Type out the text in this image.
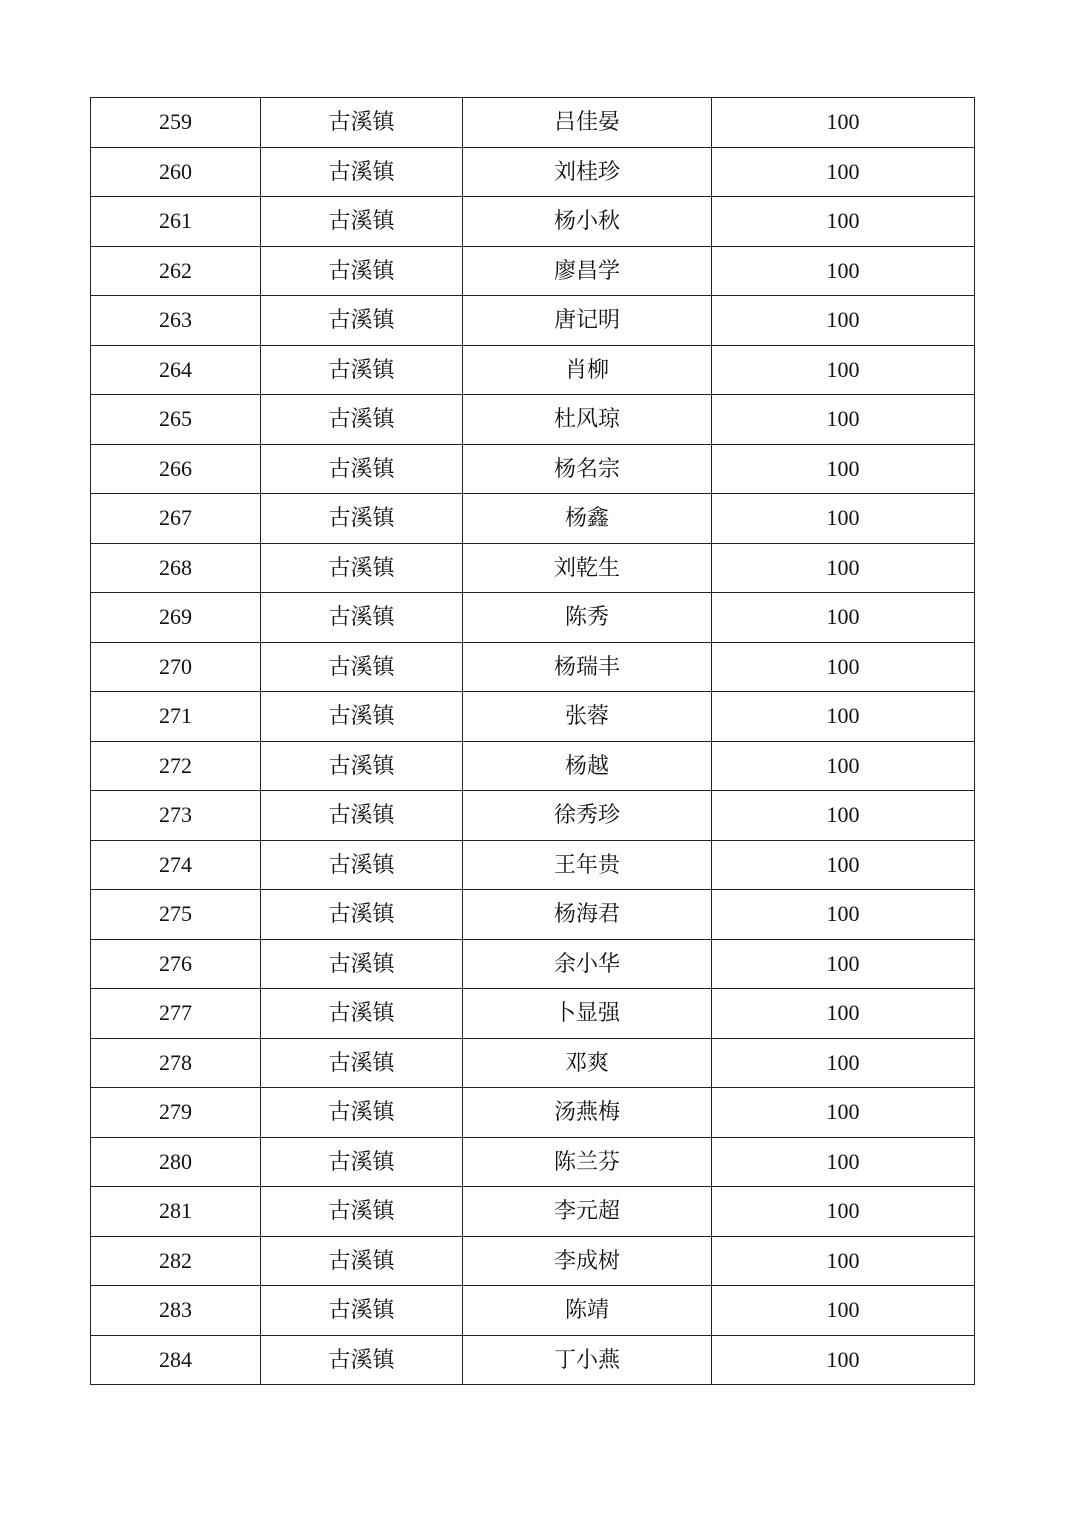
259	古溪镇	吕佳晏	100
260	古溪镇	刘桂珍	100
261	古溪镇	杨小秋	100
262	古溪镇	廖昌学	100
263	古溪镇	唐记明	100
264	古溪镇	肖柳	100
265	古溪镇	杜风琼	100
266	古溪镇	杨名宗	100
267	古溪镇	杨鑫	100
268	古溪镇	刘乾生	100
269	古溪镇	陈秀	100
270	古溪镇	杨瑞丰	100
271	古溪镇	张蓉	100
272	古溪镇	杨越	100
273	古溪镇	徐秀珍	100
274	古溪镇	王年贵	100
275	古溪镇	杨海君	100
276	古溪镇	余小华	100
277	古溪镇	卜显强	100
278	古溪镇	邓爽	100
279	古溪镇	汤燕梅	100
280	古溪镇	陈兰芬	100
281	古溪镇	李元超	100
282	古溪镇	李成树	100
283	古溪镇	陈靖	100
284	古溪镇	丁小燕	100
